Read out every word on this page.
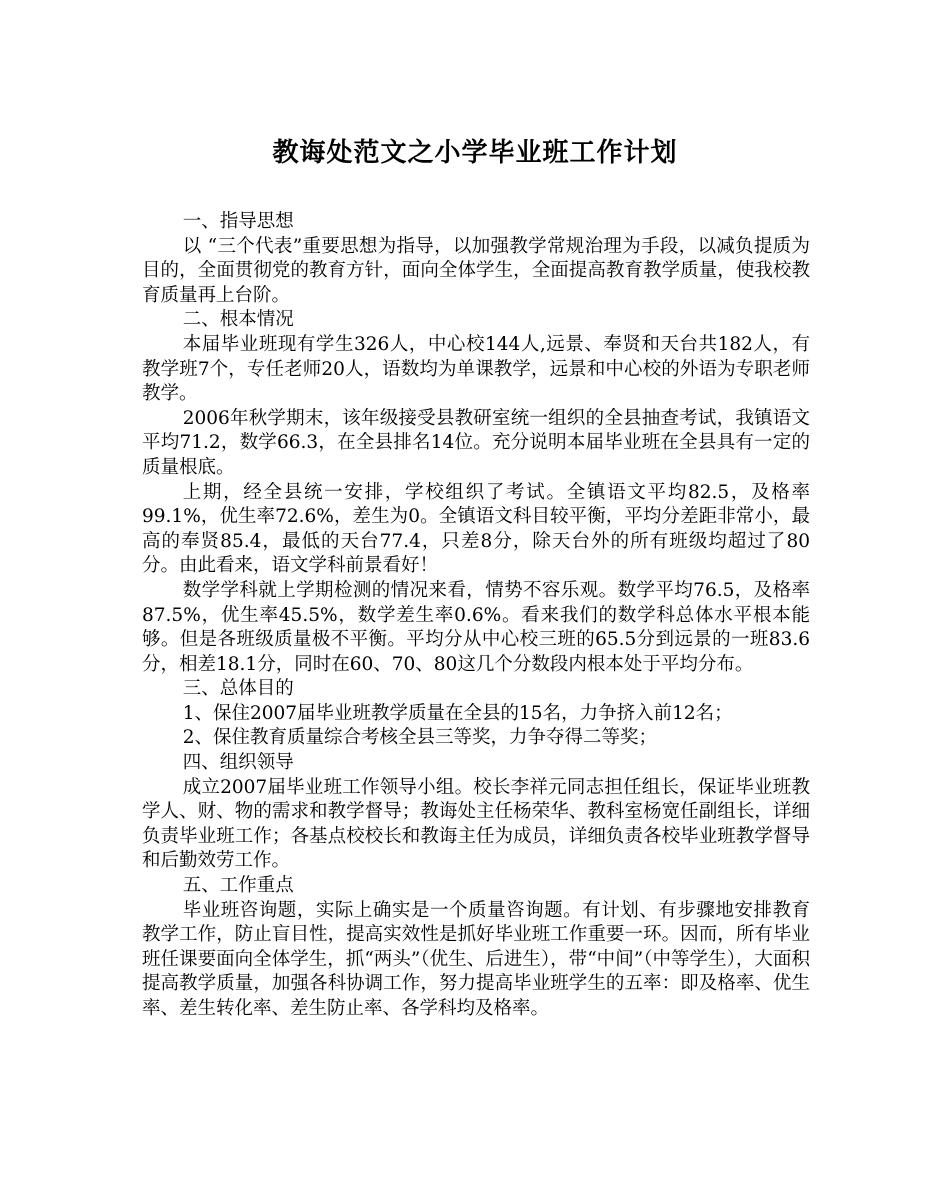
教诲处范文之小学毕业班工作计划

一、指导思想

以 “三个代表”重要思想为指导，以加强教学常规治理为手段，以减负提质为目的，全面贯彻党的教育方针，面向全体学生，全面提高教育教学质量，使我校教育质量再上台阶。

二、根本情况

本届毕业班现有学生326人，中心校144人,远景、奉贤和天台共182人，有教学班7个，专任老师20人，语数均为单课教学，远景和中心校的外语为专职老师教学。

2006年秋学期末，该年级接受县教研室统一组织的全县抽查考试，我镇语文平均71.2，数学66.3，在全县排名14位。充分说明本届毕业班在全县具有一定的质量根底。

上期，经全县统一安排，学校组织了考试。全镇语文平均82.5，及格率99.1%，优生率72.6%，差生为0。全镇语文科目较平衡，平均分差距非常小，最高的奉贤85.4，最低的天台77.4，只差8分，除天台外的所有班级均超过了80分。由此看来，语文学科前景看好！

数学学科就上学期检测的情况来看，情势不容乐观。数学平均76.5，及格率87.5%，优生率45.5%，数学差生率0.6%。看来我们的数学科总体水平根本能够。但是各班级质量极不平衡。平均分从中心校三班的65.5分到远景的一班83.6分，相差18.1分，同时在60、70、80这几个分数段内根本处于平均分布。

三、总体目的

1、保住2007届毕业班教学质量在全县的15名，力争挤入前12名；

2、保住教育质量综合考核全县三等奖，力争夺得二等奖；

四、组织领导

成立2007届毕业班工作领导小组。校长李祥元同志担任组长，保证毕业班教学人、财、物的需求和教学督导；教诲处主任杨荣华、教科室杨宽任副组长，详细负责毕业班工作；各基点校校长和教诲主任为成员，详细负责各校毕业班教学督导和后勤效劳工作。

五、工作重点

毕业班咨询题，实际上确实是一个质量咨询题。有计划、有步骤地安排教育教学工作，防止盲目性，提高实效性是抓好毕业班工作重要一环。因而，所有毕业班任课要面向全体学生，抓“两头”（优生、后进生），带“中间”（中等学生），大面积提高教学质量，加强各科协调工作，努力提高毕业班学生的五率：即及格率、优生率、差生转化率、差生防止率、各学科均及格率。
